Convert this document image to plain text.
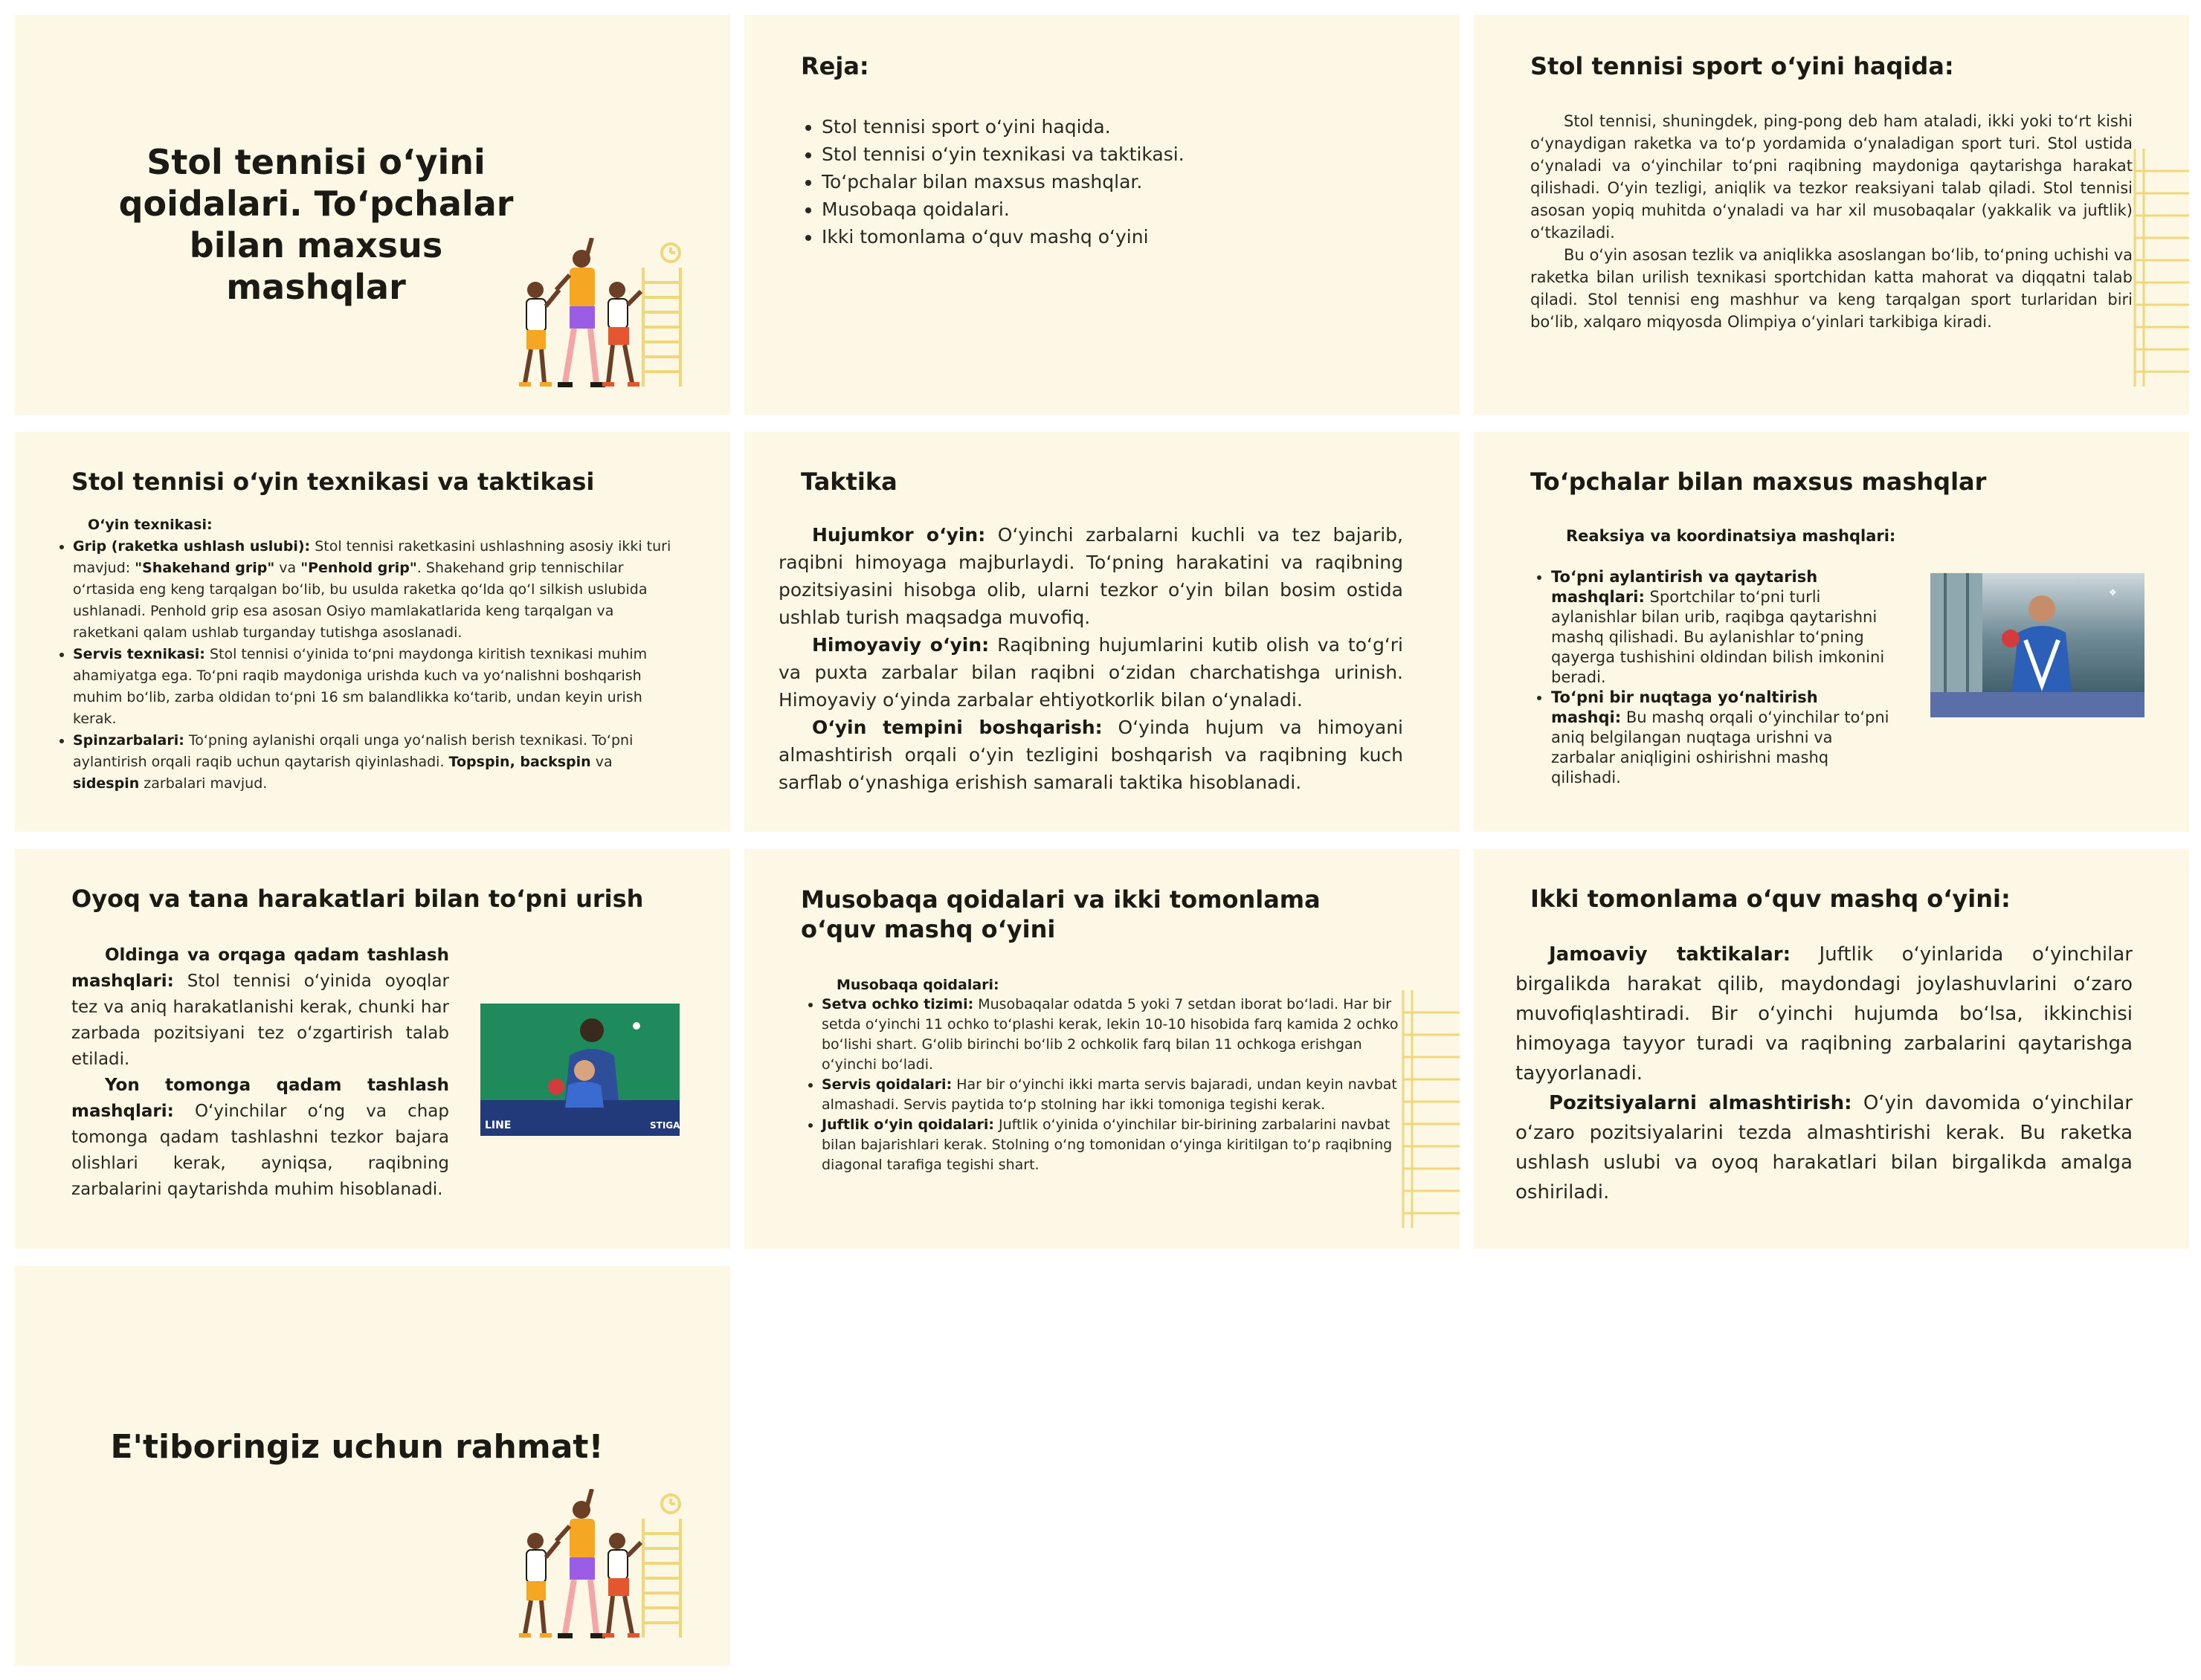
Stol tennisi o‘yini qoidalari. To‘pchalar bilan maxsus mashqlar
Reja:
• Stol tennisi sport o‘yini haqida.
• Stol tennisi o‘yin texnikasi va taktikasi.
• To‘pchalar bilan maxsus mashqlar.
• Musobaqa qoidalari.
• Ikki tomonlama o‘quv mashq o‘yini
Stol tennisi sport o‘yini haqida:

Stol tennisi, shuningdek, ping-pong deb ham ataladi, ikki yoki to‘rt kishi o‘ynaydigan raketka va to‘p yordamida o‘ynaladigan sport turi. Stol ustida o‘ynaladi va o‘yinchilar to‘pni raqibning maydoniga qaytarishga harakat qilishadi. O‘yin tezligi, aniqlik va tezkor reaksiyani talab qiladi. Stol tennisi asosan yopiq muhitda o‘ynaladi va har xil musobaqalar (yakkalik va juftlik) o‘tkaziladi.

Bu o‘yin asosan tezlik va aniqlikka asoslangan bo‘lib, to‘pning uchishi va raketka bilan urilish texnikasi sportchidan katta mahorat va diqqatni talab qiladi. Stol tennisi eng mashhur va keng tarqalgan sport turlaridan biri bo‘lib, xalqaro miqyosda Olimpiya o‘yinlari tarkibiga kiradi.

Stol tennisi o‘yin texnikasi va taktikasi
O‘yin texnikasi:
• Grip (raketka ushlash uslubi): Stol tennisi raketkasini ushlashning asosiy ikki turi mavjud: "Shakehand grip" va "Penhold grip". Shakehand grip tennischilar o‘rtasida eng keng tarqalgan bo‘lib, bu usulda raketka qo‘lda qo‘l silkish uslubida ushlanadi. Penhold grip esa asosan Osiyo mamlakatlarida keng tarqalgan va raketkani qalam ushlab turganday tutishga asoslanadi.
• Servis texnikasi: Stol tennisi o‘yinida to‘pni maydonga kiritish texnikasi muhim ahamiyatga ega. To‘pni raqib maydoniga urishda kuch va yo‘nalishni boshqarish muhim bo‘lib, zarba oldidan to‘pni 16 sm balandlikka ko‘tarib, undan keyin urish kerak.
• Spinzarbalari: To‘pning aylanishi orqali unga yo‘nalish berish texnikasi. To‘pni aylantirish orqali raqib uchun qaytarish qiyinlashadi. Topspin, backspin va sidespin zarbalari mavjud.
Taktika

Hujumkor o‘yin: O‘yinchi zarbalarni kuchli va tez bajarib, raqibni himoyaga majburlaydi. To‘pning harakatini va raqibning pozitsiyasini hisobga olib, ularni tezkor o‘yin bilan bosim ostida ushlab turish maqsadga muvofiq.

Himoyaviy o‘yin: Raqibning hujumlarini kutib olish va to‘g‘ri va puxta zarbalar bilan raqibni o‘zidan charchatishga urinish. Himoyaviy o‘yinda zarbalar ehtiyotkorlik bilan o‘ynaladi.

O‘yin tempini boshqarish: O‘yinda hujum va himoyani almashtirish orqali o‘yin tezligini boshqarish va raqibning kuch sarflab o‘ynashiga erishish samarali taktika hisoblanadi.

To‘pchalar bilan maxsus mashqlar
Reaksiya va koordinatsiya mashqlari:
• To‘pni aylantirish va qaytarish mashqlari: Sportchilar to‘pni turli aylanishlar bilan urib, raqibga qaytarishni mashq qilishadi. Bu aylanishlar to‘pning qayerga tushishini oldindan bilish imkonini beradi.
• To‘pni bir nuqtaga yo‘naltirish mashqi: Bu mashq orqali o‘yinchilar to‘pni aniq belgilangan nuqtaga urishni va zarbalar aniqligini oshirishni mashq qilishadi.
❖
Oyoq va tana harakatlari bilan to‘pni urish

Oldinga va orqaga qadam tashlash mashqlari: Stol tennisi o‘yinida oyoqlar tez va aniq harakatlanishi kerak, chunki har zarbada pozitsiyani tez o‘zgartirish talab etiladi.

Yon tomonga qadam tashlash mashqlari: O‘yinchilar o‘ng va chap tomonga qadam tashlashni tezkor bajara olishlari kerak, ayniqsa, raqibning zarbalarini qaytarishda muhim hisoblanadi.

LINE	STIGA
Musobaqa qoidalari va ikki tomonlama o‘quv mashq o‘yini
Musobaqa qoidalari:
• Setva ochko tizimi: Musobaqalar odatda 5 yoki 7 setdan iborat bo‘ladi. Har bir setda o‘yinchi 11 ochko to‘plashi kerak, lekin 10-10 hisobida farq kamida 2 ochko bo‘lishi shart. G‘olib birinchi bo‘lib 2 ochkolik farq bilan 11 ochkoga erishgan o‘yinchi bo‘ladi.
• Servis qoidalari: Har bir o‘yinchi ikki marta servis bajaradi, undan keyin navbat almashadi. Servis paytida to‘p stolning har ikki tomoniga tegishi kerak.
• Juftlik o‘yin qoidalari: Juftlik o‘yinida o‘yinchilar bir-birining zarbalarini navbat bilan bajarishlari kerak. Stolning o‘ng tomonidan o‘yinga kiritilgan to‘p raqibning diagonal tarafiga tegishi shart.
Ikki tomonlama o‘quv mashq o‘yini:

Jamoaviy taktikalar: Juftlik o‘yinlarida o‘yinchilar birgalikda harakat qilib, maydondagi joylashuvlarini o‘zaro muvofiqlashtiradi. Bir o‘yinchi hujumda bo‘lsa, ikkinchisi himoyaga tayyor turadi va raqibning zarbalarini qaytarishga tayyorlanadi.

Pozitsiyalarni almashtirish: O‘yin davomida o‘yinchilar o‘zaro pozitsiyalarini tezda almashtirishi kerak. Bu raketka ushlash uslubi va oyoq harakatlari bilan birgalikda amalga oshiriladi.

E'tiboringiz uchun rahmat!
